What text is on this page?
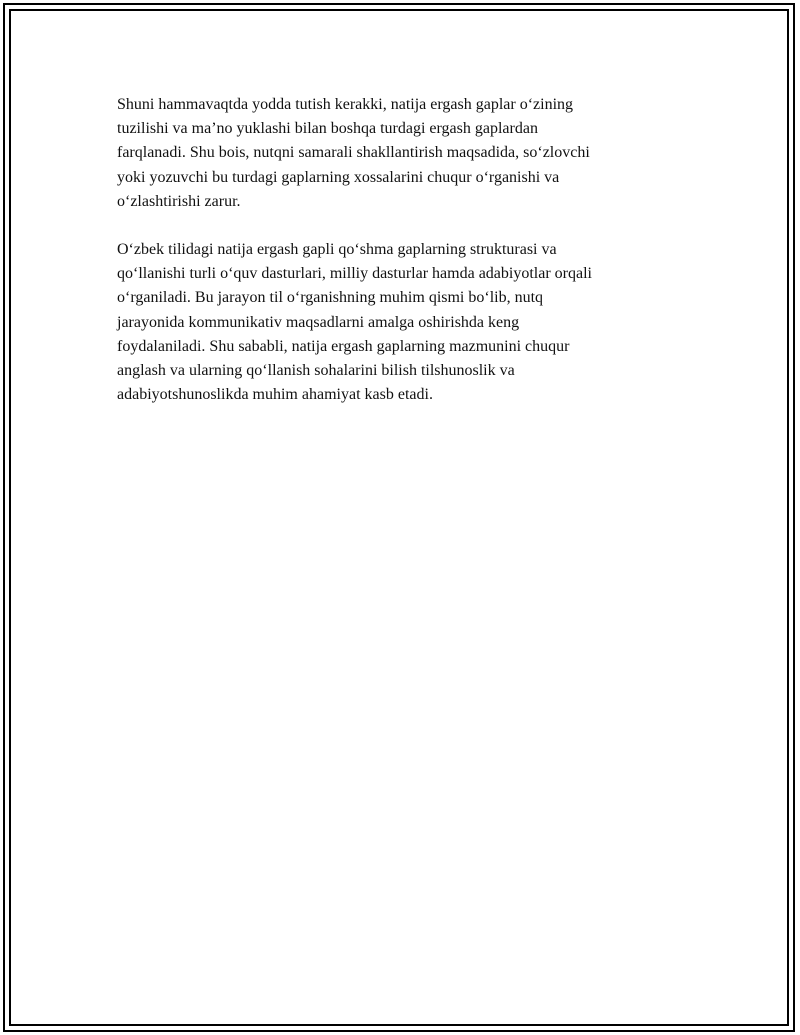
Shuni hammavaqtda yodda tutish kerakki, natija ergash gaplar o‘zining
tuzilishi va ma’no yuklashi bilan boshqa turdagi ergash gaplardan
farqlanadi. Shu bois, nutqni samarali shakllantirish maqsadida, so‘zlovchi
yoki yozuvchi bu turdagi gaplarning xossalarini chuqur o‘rganishi va
o‘zlashtirishi zarur.

O‘zbek tilidagi natija ergash gapli qo‘shma gaplarning strukturasi va
qo‘llanishi turli o‘quv dasturlari, milliy dasturlar hamda adabiyotlar orqali
o‘rganiladi. Bu jarayon til o‘rganishning muhim qismi bo‘lib, nutq
jarayonida kommunikativ maqsadlarni amalga oshirishda keng
foydalaniladi. Shu sababli, natija ergash gaplarning mazmunini chuqur
anglash va ularning qo‘llanish sohalarini bilish tilshunoslik va
adabiyotshunoslikda muhim ahamiyat kasb etadi.
